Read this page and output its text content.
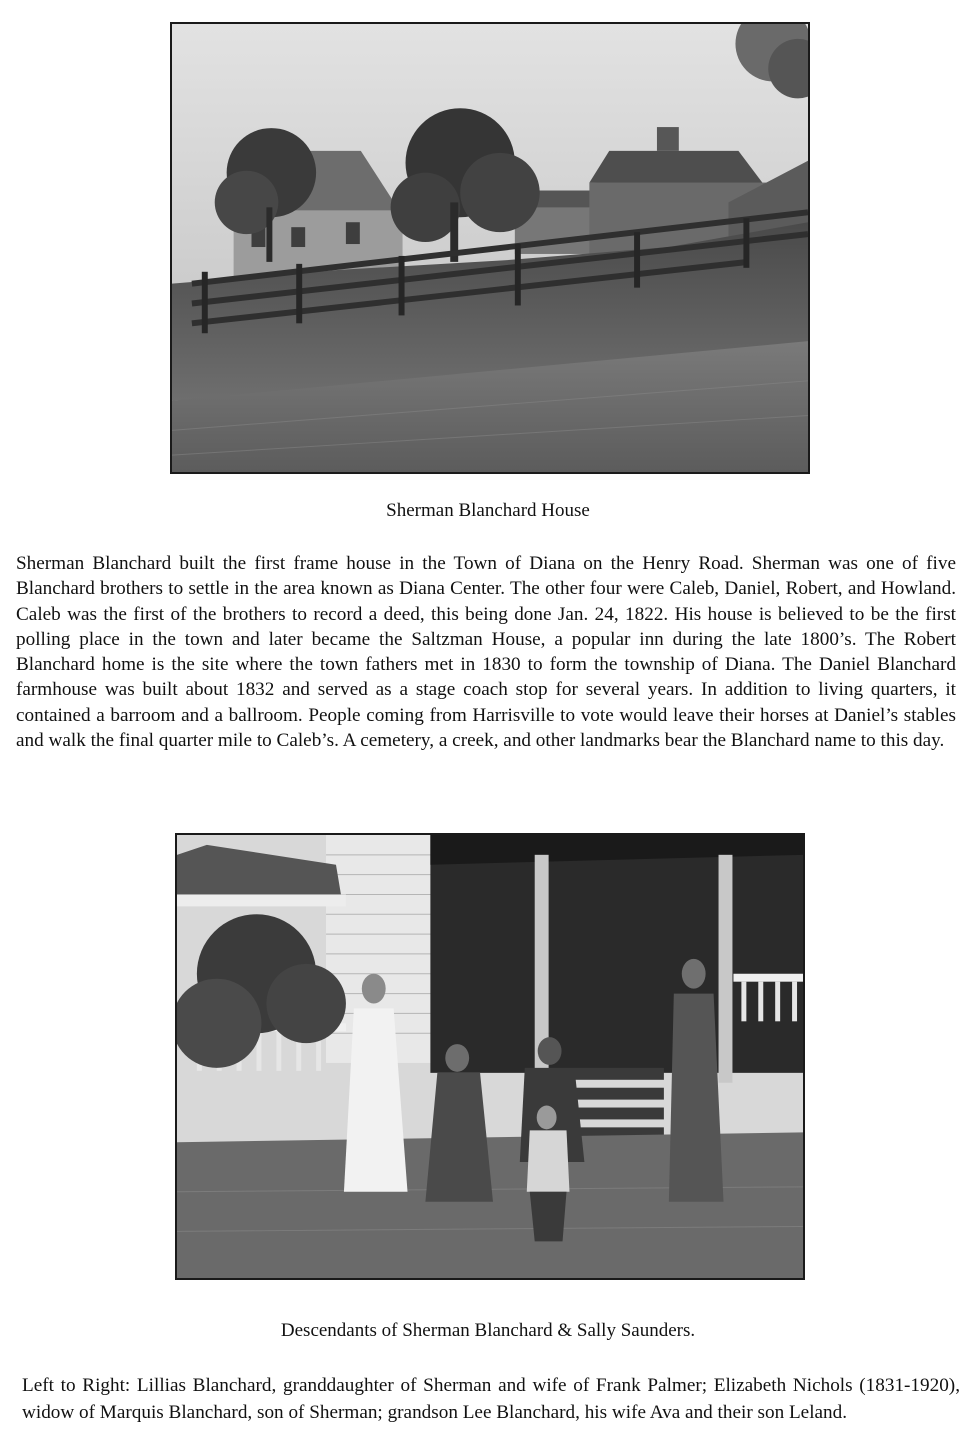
Sherman Blanchard House

Sherman Blanchard built the first frame house in the Town of Diana on the Henry Road. Sherman was one of five Blanchard brothers to settle in the area known as Diana Center. The other four were Caleb, Daniel, Robert, and Howland. Caleb was the first of the brothers to record a deed, this being done Jan. 24, 1822. His house is believed to be the first polling place in the town and later became the Saltzman House, a popular inn during the late 1800’s. The Robert Blanchard home is the site where the town fathers met in 1830 to form the township of Diana. The Daniel Blanchard farmhouse was built about 1832 and served as a stage coach stop for several years. In addition to living quarters, it contained a barroom and a ballroom. People coming from Harrisville to vote would leave their horses at Daniel’s stables and walk the final quarter mile to Caleb’s. A cemetery, a creek, and other landmarks bear the Blanchard name to this day.

Descendants of Sherman Blanchard & Sally Saunders.

Left to Right: Lillias Blanchard, granddaughter of Sherman and wife of Frank Palmer; Elizabeth Nichols (1831-1920), widow of Marquis Blanchard, son of Sherman; grandson Lee Blanchard, his wife Ava and their son Leland.
